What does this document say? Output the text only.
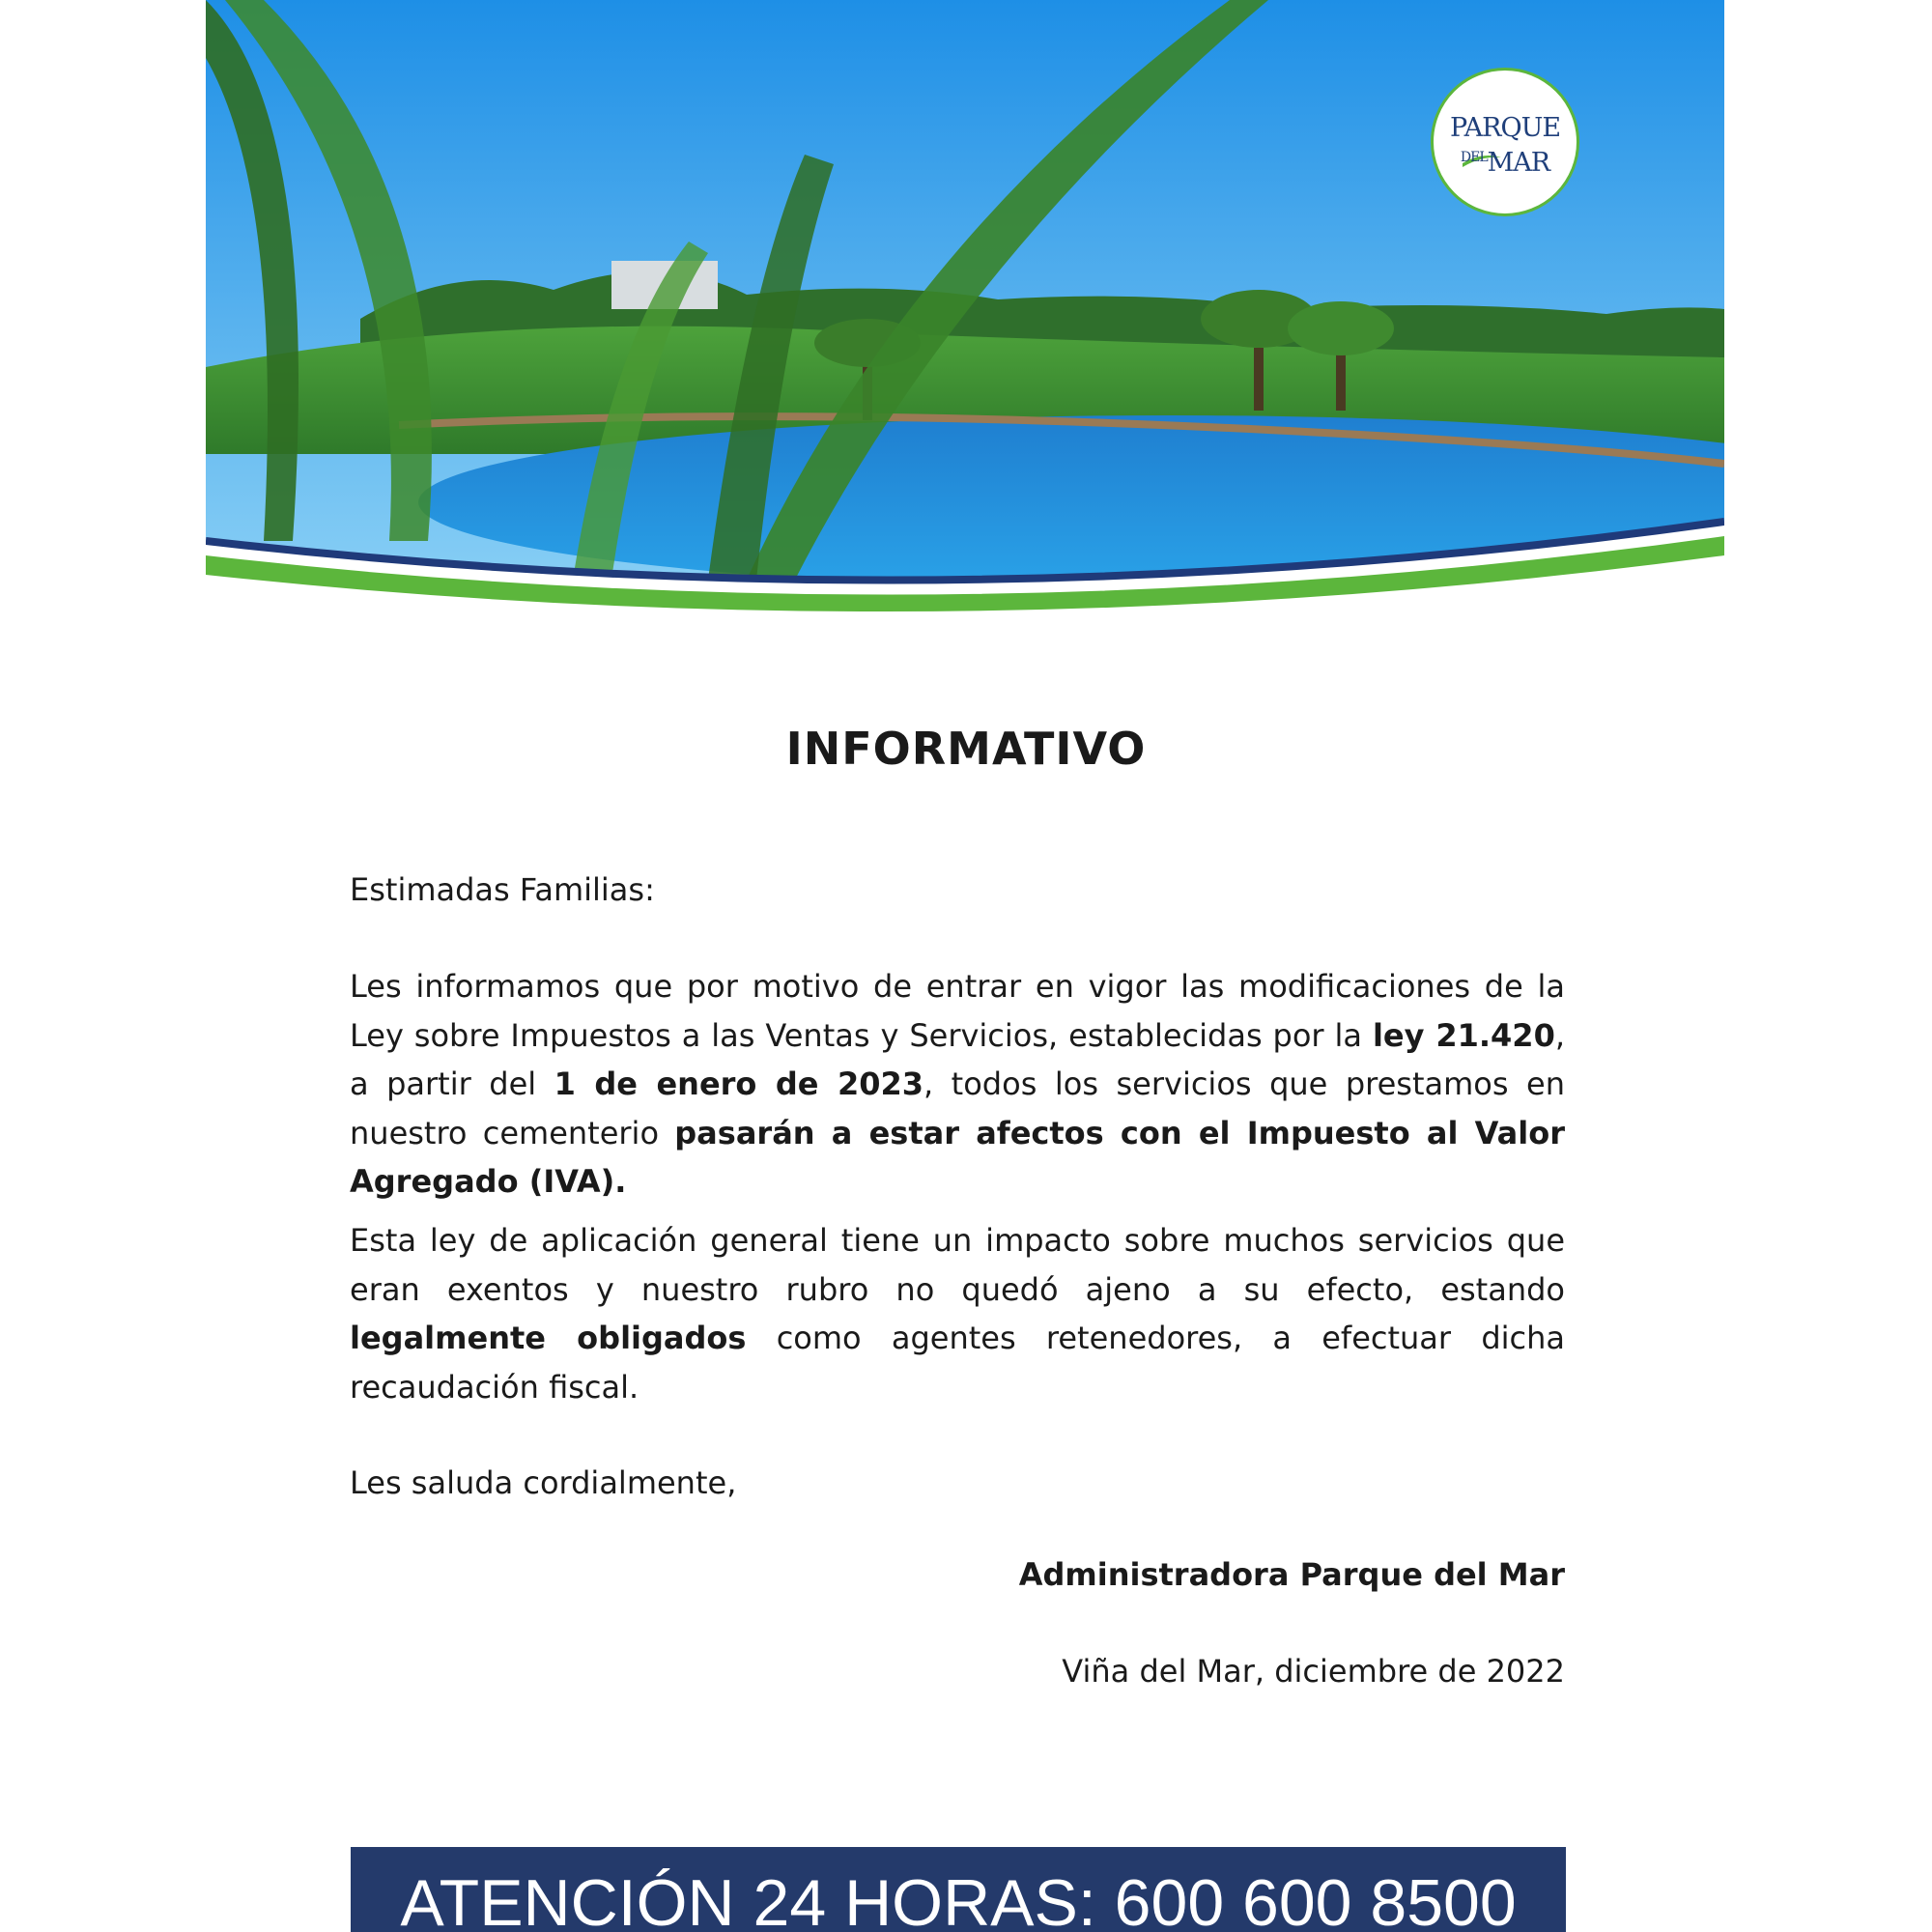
PARQUE
$^{DEL}$MAR
INFORMATIVO
Estimadas Familias:
Les informamos que por motivo de entrar en vigor las modificaciones de la Ley sobre Impuestos a las Ventas y Servicios, establecidas por la ley 21.420, a partir del 1 de enero de 2023, todos los servicios que prestamos en nuestro cementerio pasarán a estar afectos con el Impuesto al Valor Agregado (IVA).
Esta ley de aplicación general tiene un impacto sobre muchos servicios que eran exentos y nuestro rubro no quedó ajeno a su efecto, estando legalmente obligados como agentes retenedores, a efectuar dicha recaudación fiscal.
Les saluda cordialmente,
Administradora Parque del Mar
Viña del Mar, diciembre de 2022
ATENCIÓN 24 HORAS: 600 600 8500
